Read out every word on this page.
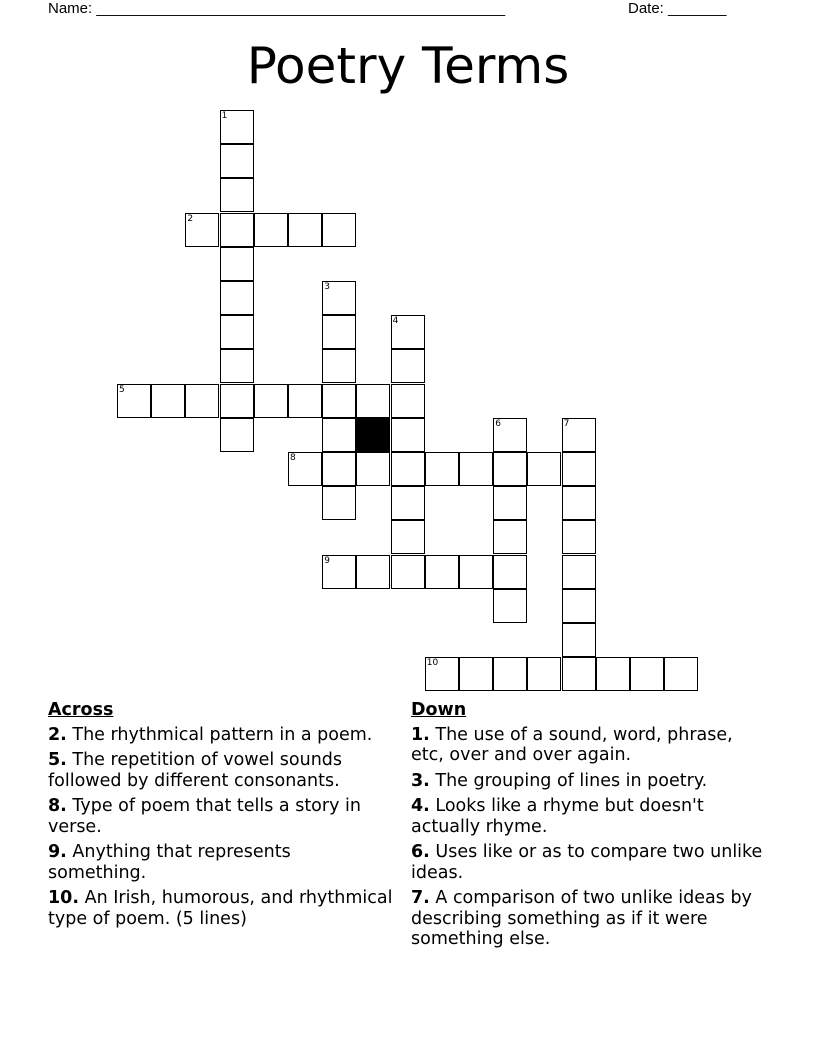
Name: _________________________________________________	Date: _______
Poetry Terms
1
2
3
4
5
6	7
8
9
10
Across
2. The rhythmical pattern in a poem.
5. The repetition of vowel sounds followed by different consonants.
8. Type of poem that tells a story in verse.
9. Anything that represents something.
10. An Irish, humorous, and rhythmical type of poem. (5 lines)
Down
1. The use of a sound, word, phrase, etc, over and over again.
3. The grouping of lines in poetry.
4. Looks like a rhyme but doesn't actually rhyme.
6. Uses like or as to compare two unlike ideas.
7. A comparison of two unlike ideas by describing something as if it were something else.
